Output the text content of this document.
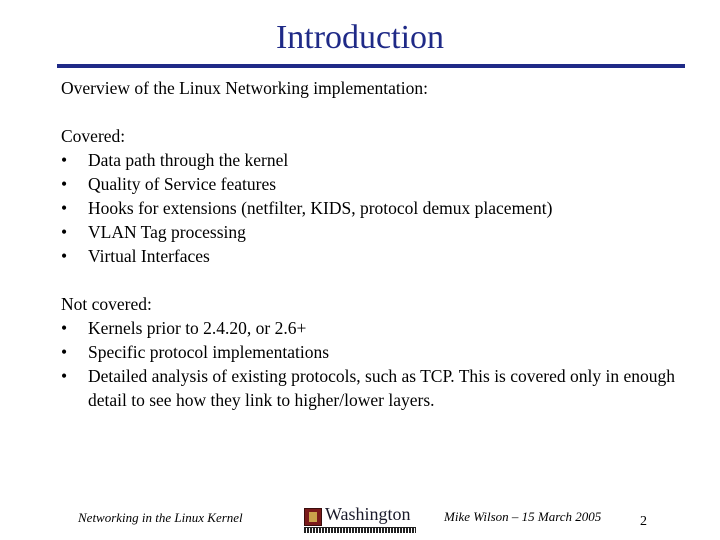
Introduction
Overview of the Linux Networking implementation:
Covered:
•	Data path through the kernel
•	Quality of Service features
•	Hooks for extensions (netfilter, KIDS, protocol demux placement)
•	VLAN Tag processing
•	Virtual Interfaces
Not covered:
•	Kernels prior to 2.4.20, or 2.6+
•	Specific protocol implementations
•	Detailed analysis of existing protocols, such as TCP. This is covered only in enough detail to see how they link to higher/lower layers.
Networking in the Linux Kernel	Washington	Mike Wilson – 15 March 2005	2
